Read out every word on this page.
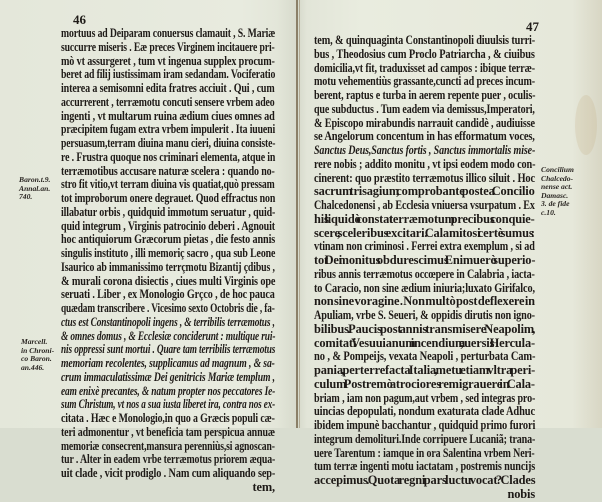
46
mortuus ad Deiparam conuersus clamauit , S. Mariæ
succurre miseris . Eæ preces Virginem incitauere pri-
mò vt assurgeret , tum vt ingenua supplex procum-
beret ad filij iustissimam iram sedandam. Vociferatio
interea a semisomni edita fratres acciuit . Qui , cum
accurrerent , terræmotu concuti sensere vrbem adeo
ingenti , vt multarum ruina ædium ciues omnes ad
præcipitem fugam extra vrbem impulerit . Ita iuueni
persuasum,terram diuina manu cieri, diuina consiste-
re . Frustra quoque nos criminari elementa, atque in
terræmotibus accusare naturæ scelera : quando no-
stro fit vitio,vt terram diuina vis quatiat,quò pressam
tot improborum onere degrauet. Quod effractus non
illabatur orbis , quidquid immotum seruatur , quid-
quid integrum , Virginis patrocinio deberi . Agnouit
hoc antiquiorum Græcorum pietas , die festo annis
singulis instituto , illi memoriç sacro , qua sub Leone
Isaurico ab immanissimo terrçmotu Bizantij çdibus ,
& murali corona disiectis , ciues multi Virginis ope
seruati . Liber , ex Monologio Grçco , de hoc pauca
quædam transcribere . Vicesimo sexto Octobris die , fa-
ctus est Constantinopoli ingens , & terribilis terræmotus ,
& omnes domus , & Ecclesiæ conciderunt : multique rui-
nis oppressi sunt mortui . Quare tam terribilis terræmotus
memoriam recolentes, supplicamus ad magnum , & sa-
crum immaculatissimæ Dei genitricis Mariæ templum ,
eam enixè precantes, & natum propter nos peccatores Ie-
sum Christum, vt nos a sua iusta liberet ira, contra nos ex-
citata . Hæc e Monologio,in quo a Græcis populi cæ-
teri admonentur , vt beneficia tam perspicua annuæ
memoriæ consecrent,mansura perenniùs,si agnoscan-
tur . Alter in eadem vrbe terræmotus priorem æqua-
uit clade , vicit prodiglo . Nam cum aliquando sep-
tem,
Baron.t.9.
Annal.an.
740.
Marcell.
in Chroni-
co Baron.
an.446.
47
tem, & quinquaginta Constantinopoli diuulsis turri-
bus , Theodosius cum Proclo Patriarcha , & ciuibus
domicilia,vt fit, traduxisset ad campos : ibique terræ-
motu vehementiùs grassante,cuncti ad preces incum-
berent, raptus e turba in aerem repente puer , oculis-
que subductus . Tum eadem via demissus,Imperatori,
& Episcopo mirabundis narrauit candidè , audiuisse
se Angelorum concentum in has efformatum voces,
Sanctus Deus,Sanctus fortis , Sanctus immortalis mise-
rere nobis ; addito monitu , vt ipsi eodem modo con-
cinerent: quo præstito terræmotus illico siluit . Hoc
sacrum trisagium , comprobante postea Concilio
Chalcedonensi , ab Ecclesia vniuersa vsurpatum . Ex
his liquidò constat terræmotum precibus conquie-
scere , sceleribus excitari. Calamitosi certè sumus :
vtinam non criminosi . Ferrei extra exemplum , si ad
tot Dei monitus obdurescimus . Enimuerò superio-
ribus annis terræmotus occœpere in Calabria , iacta-
to Caracio, non sine ædium iniuria;luxato Girifalco,
non sine voragine . Non multò post deflexere in
Apuliam, vrbe S. Seueri, & oppidis dirutis non igno-
bilibus . Paucis post annis transmisere Neapolim ,
comitati Vesuuianum incendium , euersis Herculа-
no , & Pompeijs, vexata Neapoli , perturbata Cam-
pania , perterrefacta Italia , metu etiam vltra peri-
culum . Postremò atrociores remigrauere in Cala-
briam , iam non pagum,aut vrbem , sed integras pro-
uincias depopulati, nondum exaturata clade Adhuc
ibidem impunè bacchantur , quidquid primo furori
integrum demolituri.Inde corripuere Lucaniã; trana-
uere Tarentum : iamque in ora Salentina vrbem Neri-
tum terræ ingenti motu iactatam , postremis nuncijs
accepimus . Quota regni pars luctu vocat ? Clades
nobis
Concilium
Chalcedo-
nense act.
Damasc.
3. de fide
c.10.
